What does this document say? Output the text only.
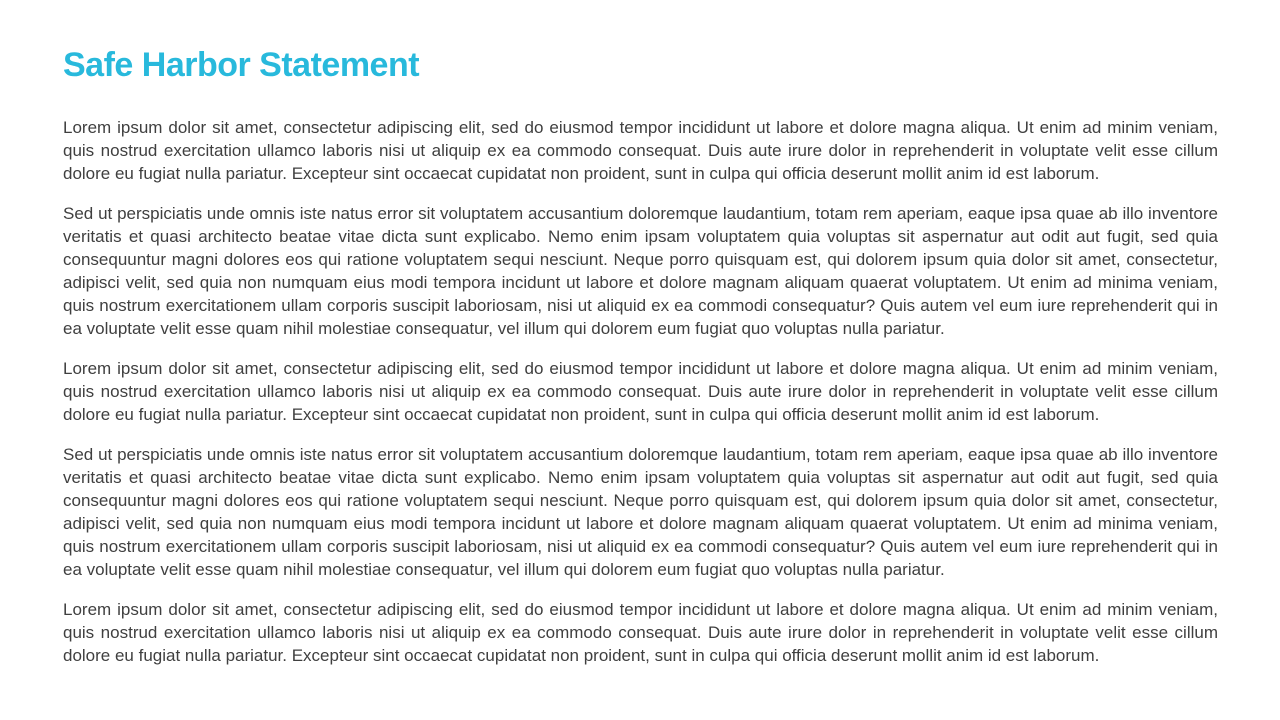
Safe Harbor Statement

Lorem ipsum dolor sit amet, consectetur adipiscing elit, sed do eiusmod tempor incididunt ut labore et dolore magna aliqua. Ut enim ad minim veniam, quis nostrud exercitation ullamco laboris nisi ut aliquip ex ea commodo consequat. Duis aute irure dolor in reprehenderit in voluptate velit esse cillum dolore eu fugiat nulla pariatur. Excepteur sint occaecat cupidatat non proident, sunt in culpa qui officia deserunt mollit anim id est laborum.

Sed ut perspiciatis unde omnis iste natus error sit voluptatem accusantium doloremque laudantium, totam rem aperiam, eaque ipsa quae ab illo inventore veritatis et quasi architecto beatae vitae dicta sunt explicabo. Nemo enim ipsam voluptatem quia voluptas sit aspernatur aut odit aut fugit, sed quia consequuntur magni dolores eos qui ratione voluptatem sequi nesciunt. Neque porro quisquam est, qui dolorem ipsum quia dolor sit amet, consectetur, adipisci velit, sed quia non numquam eius modi tempora incidunt ut labore et dolore magnam aliquam quaerat voluptatem. Ut enim ad minima veniam, quis nostrum exercitationem ullam corporis suscipit laboriosam, nisi ut aliquid ex ea commodi consequatur? Quis autem vel eum iure reprehenderit qui in ea voluptate velit esse quam nihil molestiae consequatur, vel illum qui dolorem eum fugiat quo voluptas nulla pariatur.

Lorem ipsum dolor sit amet, consectetur adipiscing elit, sed do eiusmod tempor incididunt ut labore et dolore magna aliqua. Ut enim ad minim veniam, quis nostrud exercitation ullamco laboris nisi ut aliquip ex ea commodo consequat. Duis aute irure dolor in reprehenderit in voluptate velit esse cillum dolore eu fugiat nulla pariatur. Excepteur sint occaecat cupidatat non proident, sunt in culpa qui officia deserunt mollit anim id est laborum.

Sed ut perspiciatis unde omnis iste natus error sit voluptatem accusantium doloremque laudantium, totam rem aperiam, eaque ipsa quae ab illo inventore veritatis et quasi architecto beatae vitae dicta sunt explicabo. Nemo enim ipsam voluptatem quia voluptas sit aspernatur aut odit aut fugit, sed quia consequuntur magni dolores eos qui ratione voluptatem sequi nesciunt. Neque porro quisquam est, qui dolorem ipsum quia dolor sit amet, consectetur, adipisci velit, sed quia non numquam eius modi tempora incidunt ut labore et dolore magnam aliquam quaerat voluptatem. Ut enim ad minima veniam, quis nostrum exercitationem ullam corporis suscipit laboriosam, nisi ut aliquid ex ea commodi consequatur? Quis autem vel eum iure reprehenderit qui in ea voluptate velit esse quam nihil molestiae consequatur, vel illum qui dolorem eum fugiat quo voluptas nulla pariatur.

Lorem ipsum dolor sit amet, consectetur adipiscing elit, sed do eiusmod tempor incididunt ut labore et dolore magna aliqua. Ut enim ad minim veniam, quis nostrud exercitation ullamco laboris nisi ut aliquip ex ea commodo consequat. Duis aute irure dolor in reprehenderit in voluptate velit esse cillum dolore eu fugiat nulla pariatur. Excepteur sint occaecat cupidatat non proident, sunt in culpa qui officia deserunt mollit anim id est laborum.
